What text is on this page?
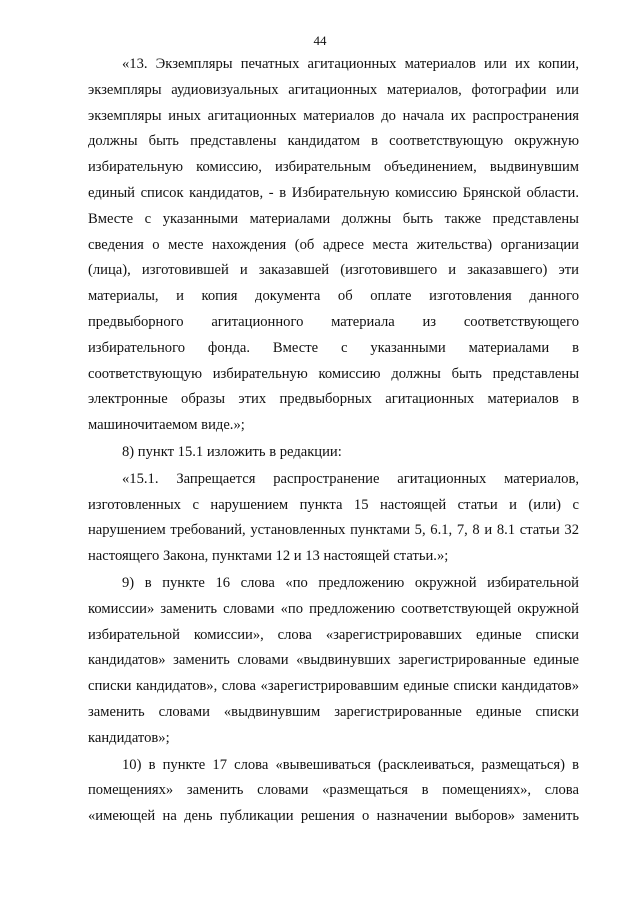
44

«13. Экземпляры печатных агитационных материалов или их копии, экземпляры аудиовизуальных агитационных материалов, фотографии или экземпляры иных агитационных материалов до начала их распространения должны быть представлены кандидатом в соответствующую окружную избирательную комиссию, избирательным объединением, выдвинувшим единый список кандидатов, - в Избирательную комиссию Брянской области. Вместе с указанными материалами должны быть также представлены сведения о месте нахождения (об адресе места жительства) организации (лица), изготовившей и заказавшей (изготовившего и заказавшего) эти материалы, и копия документа об оплате изготовления данного предвыборного агитационного материала из соответствующего избирательного фонда. Вместе с указанными материалами в соответствующую избирательную комиссию должны быть представлены электронные образы этих предвыборных агитационных материалов в машиночитаемом виде.»;

8) пункт 15.1 изложить в редакции:

«15.1. Запрещается распространение агитационных материалов, изготовленных с нарушением пункта 15 настоящей статьи и (или) с нарушением требований, установленных пунктами 5, 6.1, 7, 8 и 8.1 статьи 32 настоящего Закона, пунктами 12 и 13 настоящей статьи.»;

9) в пункте 16 слова «по предложению окружной избирательной комиссии» заменить словами «по предложению соответствующей окружной избирательной комиссии», слова «зарегистрировавших единые списки кандидатов» заменить словами «выдвинувших зарегистрированные единые списки кандидатов», слова «зарегистрировавшим единые списки кандидатов» заменить словами «выдвинувшим зарегистрированные единые списки кандидатов»;

10) в пункте 17 слова «вывешиваться (расклеиваться, размещаться) в помещениях» заменить словами «размещаться в помещениях», слова «имеющей на день публикации решения о назначении выборов» заменить
